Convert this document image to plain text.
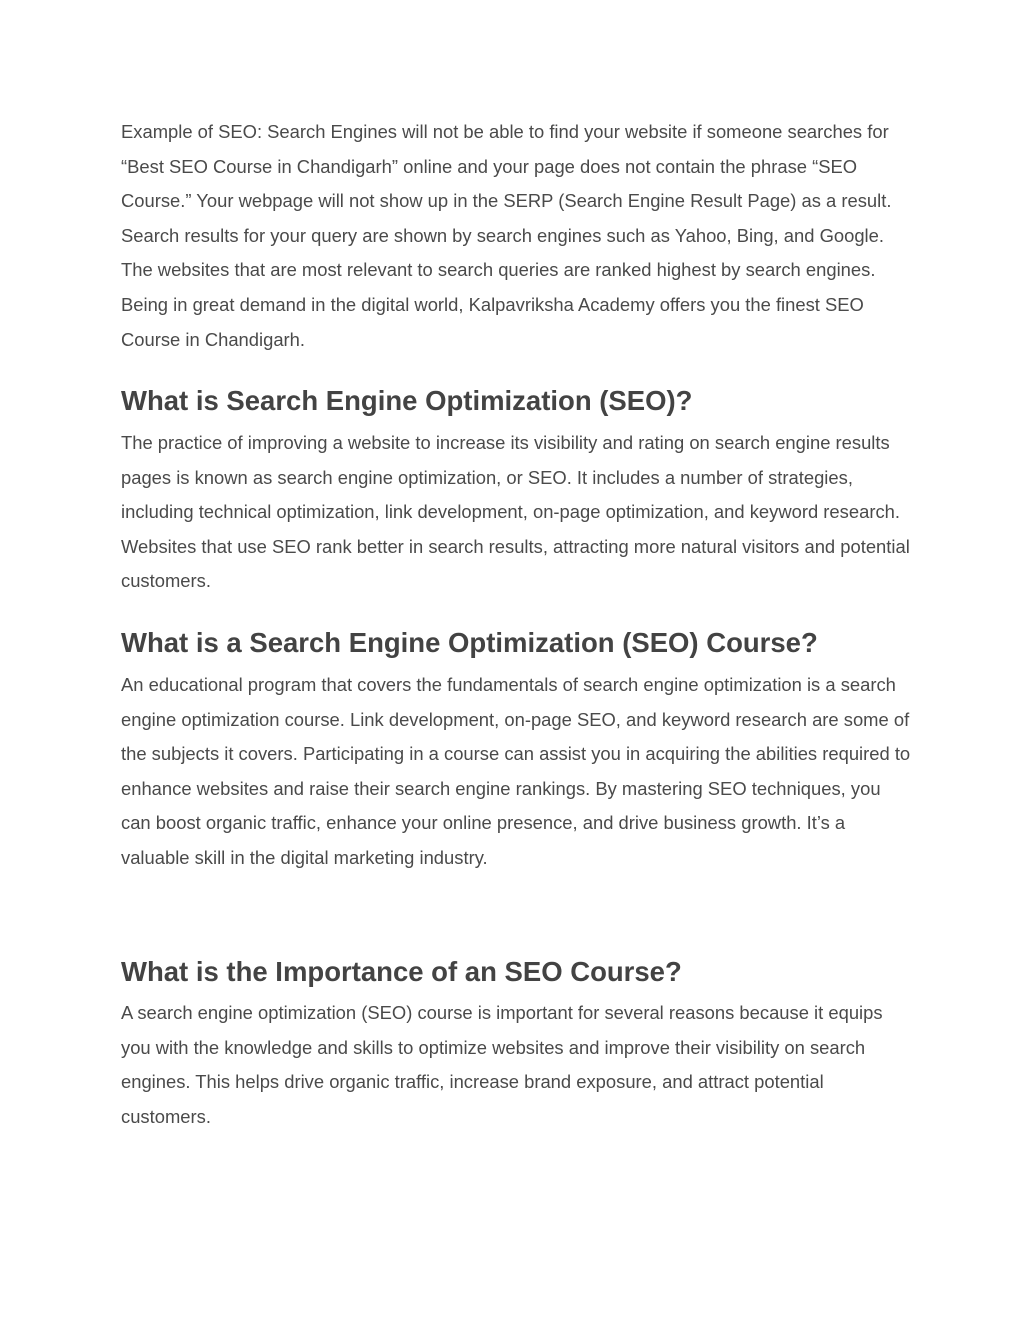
Example of SEO: Search Engines will not be able to find your website if someone searches for “Best SEO Course in Chandigarh” online and your page does not contain the phrase “SEO Course.” Your webpage will not show up in the SERP (Search Engine Result Page) as a result. Search results for your query are shown by search engines such as Yahoo, Bing, and Google. The websites that are most relevant to search queries are ranked highest by search engines. Being in great demand in the digital world, Kalpavriksha Academy offers you the finest SEO Course in Chandigarh.

What is Search Engine Optimization (SEO)?

The practice of improving a website to increase its visibility and rating on search engine results pages is known as search engine optimization, or SEO. It includes a number of strategies, including technical optimization, link development, on-page optimization, and keyword research. Websites that use SEO rank better in search results, attracting more natural visitors and potential customers.

What is a Search Engine Optimization (SEO) Course?

An educational program that covers the fundamentals of search engine optimization is a search engine optimization course. Link development, on-page SEO, and keyword research are some of the subjects it covers. Participating in a course can assist you in acquiring the abilities required to enhance websites and raise their search engine rankings. By mastering SEO techniques, you can boost organic traffic, enhance your online presence, and drive business growth. It’s a valuable skill in the digital marketing industry.

What is the Importance of an SEO Course?

A search engine optimization (SEO) course is important for several reasons because it equips you with the knowledge and skills to optimize websites and improve their visibility on search engines. This helps drive organic traffic, increase brand exposure, and attract potential customers.
